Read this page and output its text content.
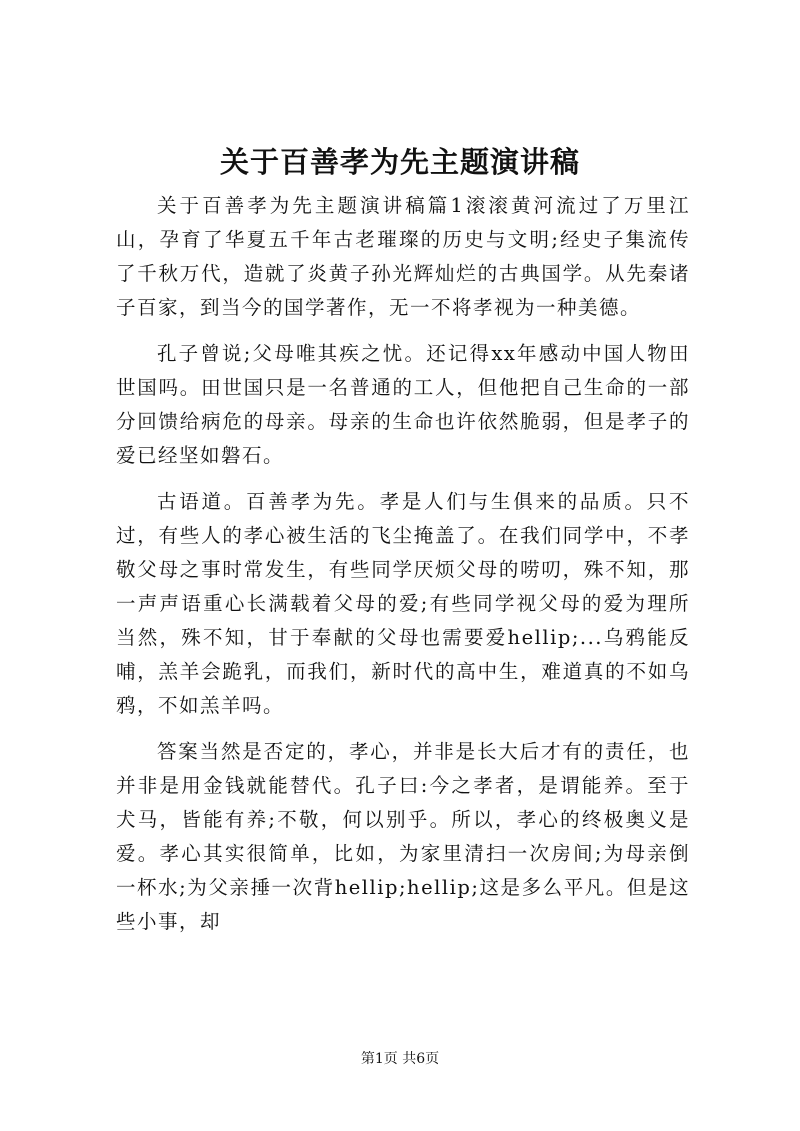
关于百善孝为先主题演讲稿

关于百善孝为先主题演讲稿篇1滚滚黄河流过了万里江山，孕育了华夏五千年古老璀璨的历史与文明;经史子集流传了千秋万代，造就了炎黄子孙光辉灿烂的古典国学。从先秦诸子百家，到当今的国学著作，无一不将孝视为一种美德。

孔子曾说;父母唯其疾之忧。还记得xx年感动中国人物田世国吗。田世国只是一名普通的工人，但他把自己生命的一部分回馈给病危的母亲。母亲的生命也许依然脆弱，但是孝子的爱已经坚如磐石。

古语道。百善孝为先。孝是人们与生俱来的品质。只不过，有些人的孝心被生活的飞尘掩盖了。在我们同学中，不孝敬父母之事时常发生，有些同学厌烦父母的唠叨，殊不知，那一声声语重心长满载着父母的爱;有些同学视父母的爱为理所当然，殊不知，甘于奉献的父母也需要爱hellip;...乌鸦能反哺，羔羊会跪乳，而我们，新时代的高中生，难道真的不如乌鸦，不如羔羊吗。

答案当然是否定的，孝心，并非是长大后才有的责任，也并非是用金钱就能替代。孔子曰:今之孝者，是谓能养。至于犬马，皆能有养;不敬，何以别乎。所以，孝心的终极奥义是爱。孝心其实很简单，比如，为家里清扫一次房间;为母亲倒一杯水;为父亲捶一次背hellip;hellip;这是多么平凡。但是这些小事，却

第1页 共6页
